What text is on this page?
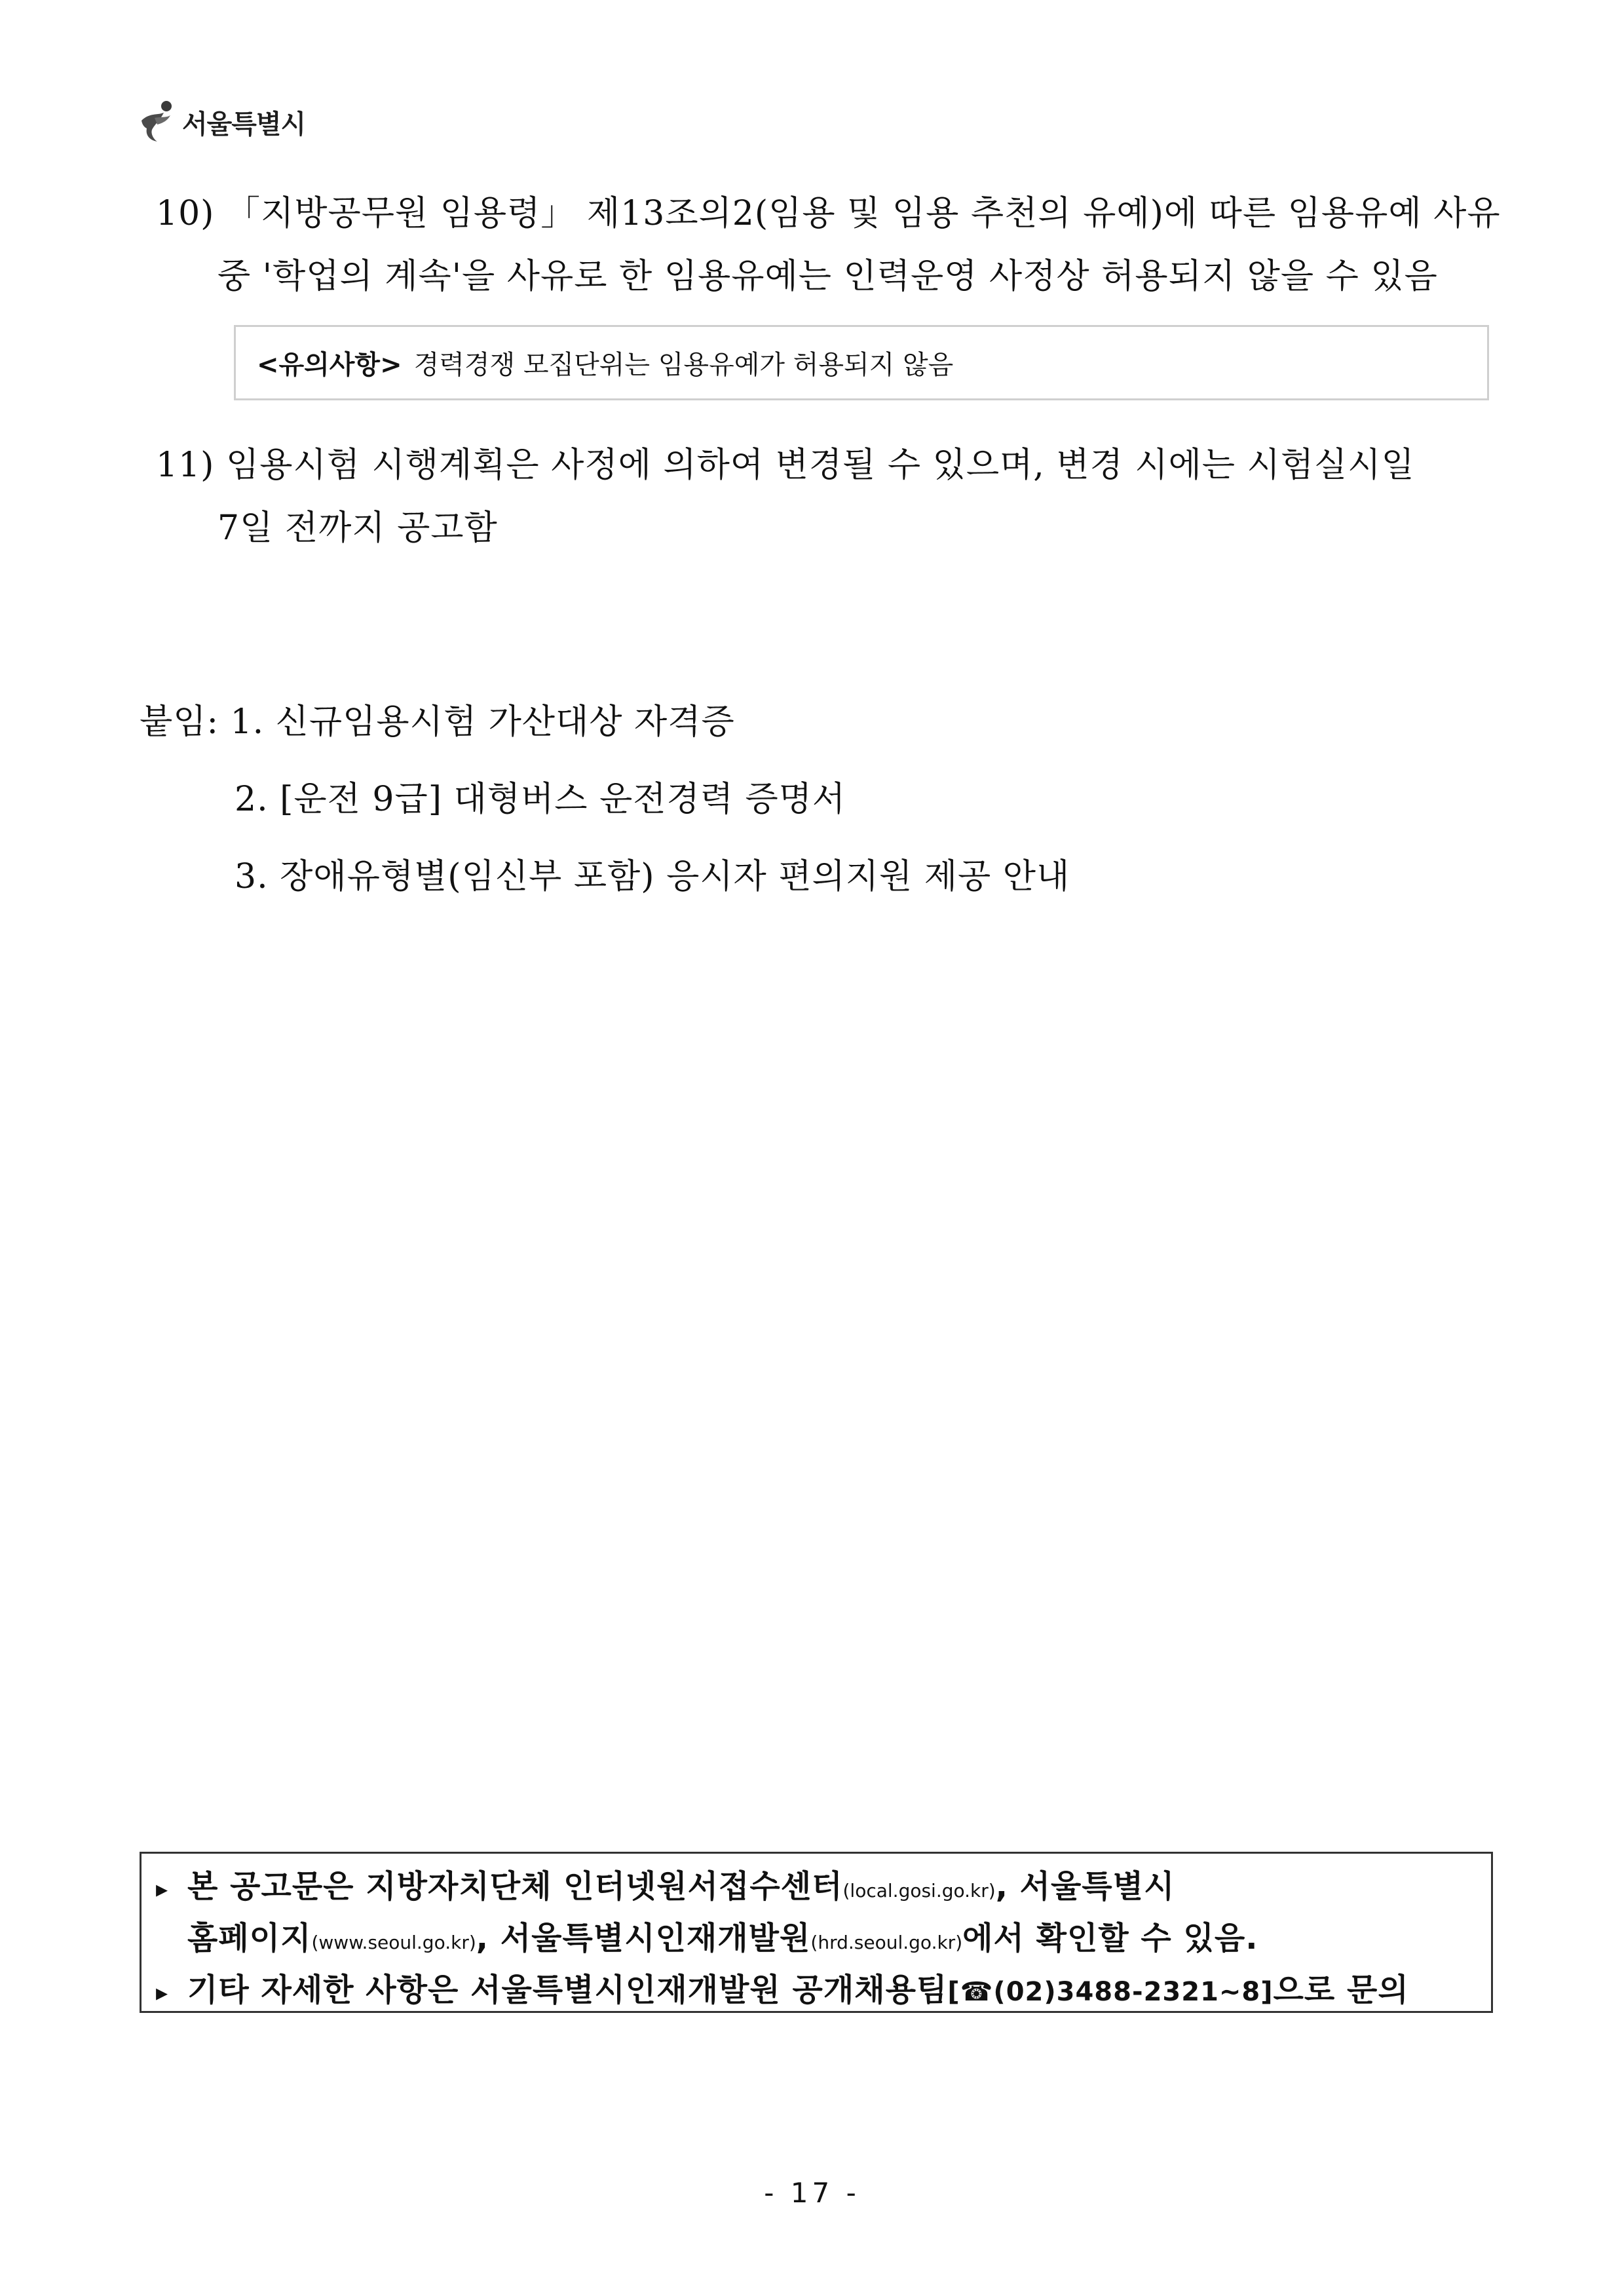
서울특별시
10) 「지방공무원 임용령」 제13조의2(임용 및 임용 추천의 유예)에 따른 임용유예 사유
중 '학업의 계속'을 사유로 한 임용유예는 인력운영 사정상 허용되지 않을 수 있음
<유의사항> 경력경쟁 모집단위는 임용유예가 허용되지 않음
11) 임용시험 시행계획은 사정에 의하여 변경될 수 있으며, 변경 시에는 시험실시일
7일 전까지 공고함
붙임: 1. 신규임용시험 가산대상 자격증
2. [운전 9급] 대형버스 운전경력 증명서
3. 장애유형별(임신부 포함) 응시자 편의지원 제공 안내
▸ 본 공고문은 지방자치단체 인터넷원서접수센터(local.gosi.go.kr), 서울특별시
홈페이지(www.seoul.go.kr), 서울특별시인재개발원(hrd.seoul.go.kr)에서 확인할 수 있음.
▸ 기타 자세한 사항은 서울특별시인재개발원 공개채용팀[☎(02)3488-2321~8]으로 문의
- 17 -
